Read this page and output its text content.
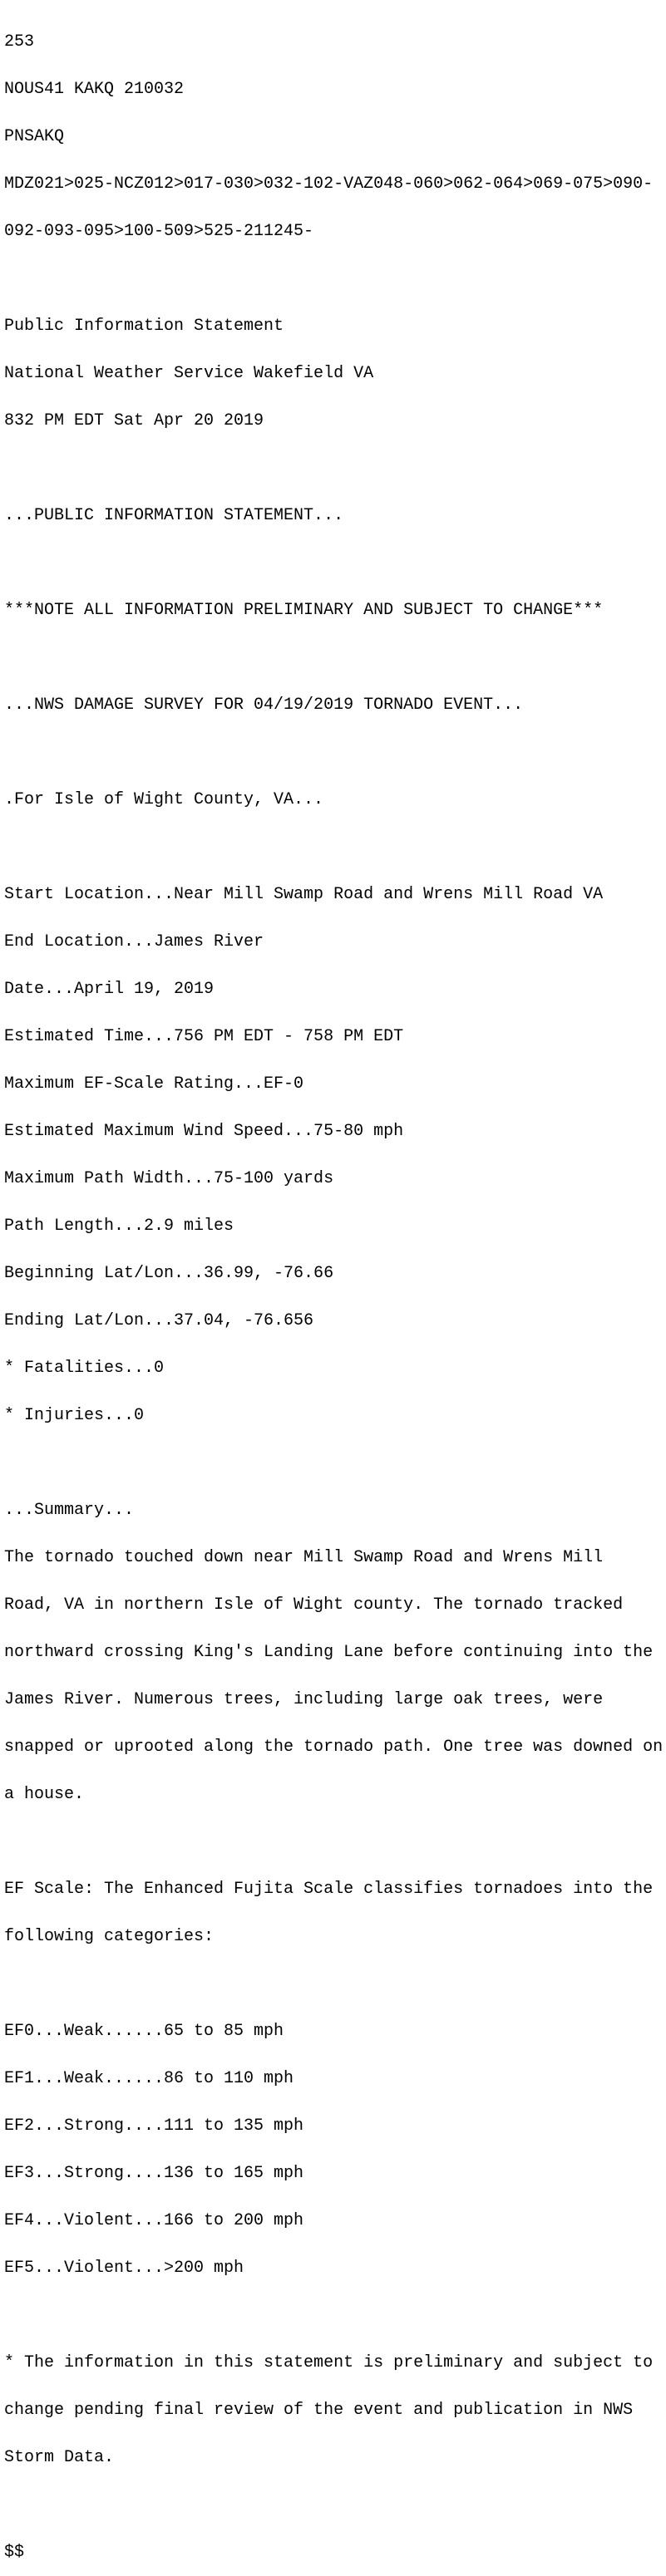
253

NOUS41 KAKQ 210032

PNSAKQ

MDZ021>025-NCZ012>017-030>032-102-VAZ048-060>062-064>069-075>090-

092-093-095>100-509>525-211245-

Public Information Statement

National Weather Service Wakefield VA

832 PM EDT Sat Apr 20 2019

...PUBLIC INFORMATION STATEMENT...

***NOTE ALL INFORMATION PRELIMINARY AND SUBJECT TO CHANGE***

...NWS DAMAGE SURVEY FOR 04/19/2019 TORNADO EVENT...

.For Isle of Wight County, VA...

Start Location...Near Mill Swamp Road and Wrens Mill Road VA

End Location...James River

Date...April 19, 2019

Estimated Time...756 PM EDT - 758 PM EDT

Maximum EF-Scale Rating...EF-0

Estimated Maximum Wind Speed...75-80 mph

Maximum Path Width...75-100 yards

Path Length...2.9 miles

Beginning Lat/Lon...36.99, -76.66

Ending Lat/Lon...37.04, -76.656

* Fatalities...0

* Injuries...0

...Summary...

The tornado touched down near Mill Swamp Road and Wrens Mill

Road, VA in northern Isle of Wight county. The tornado tracked

northward crossing King's Landing Lane before continuing into the

James River. Numerous trees, including large oak trees, were

snapped or uprooted along the tornado path. One tree was downed on

a house.

EF Scale: The Enhanced Fujita Scale classifies tornadoes into the

following categories:

EF0...Weak......65 to 85 mph

EF1...Weak......86 to 110 mph

EF2...Strong....111 to 135 mph

EF3...Strong....136 to 165 mph

EF4...Violent...166 to 200 mph

EF5...Violent...>200 mph

* The information in this statement is preliminary and subject to

change pending final review of the event and publication in NWS

Storm Data.

$$
